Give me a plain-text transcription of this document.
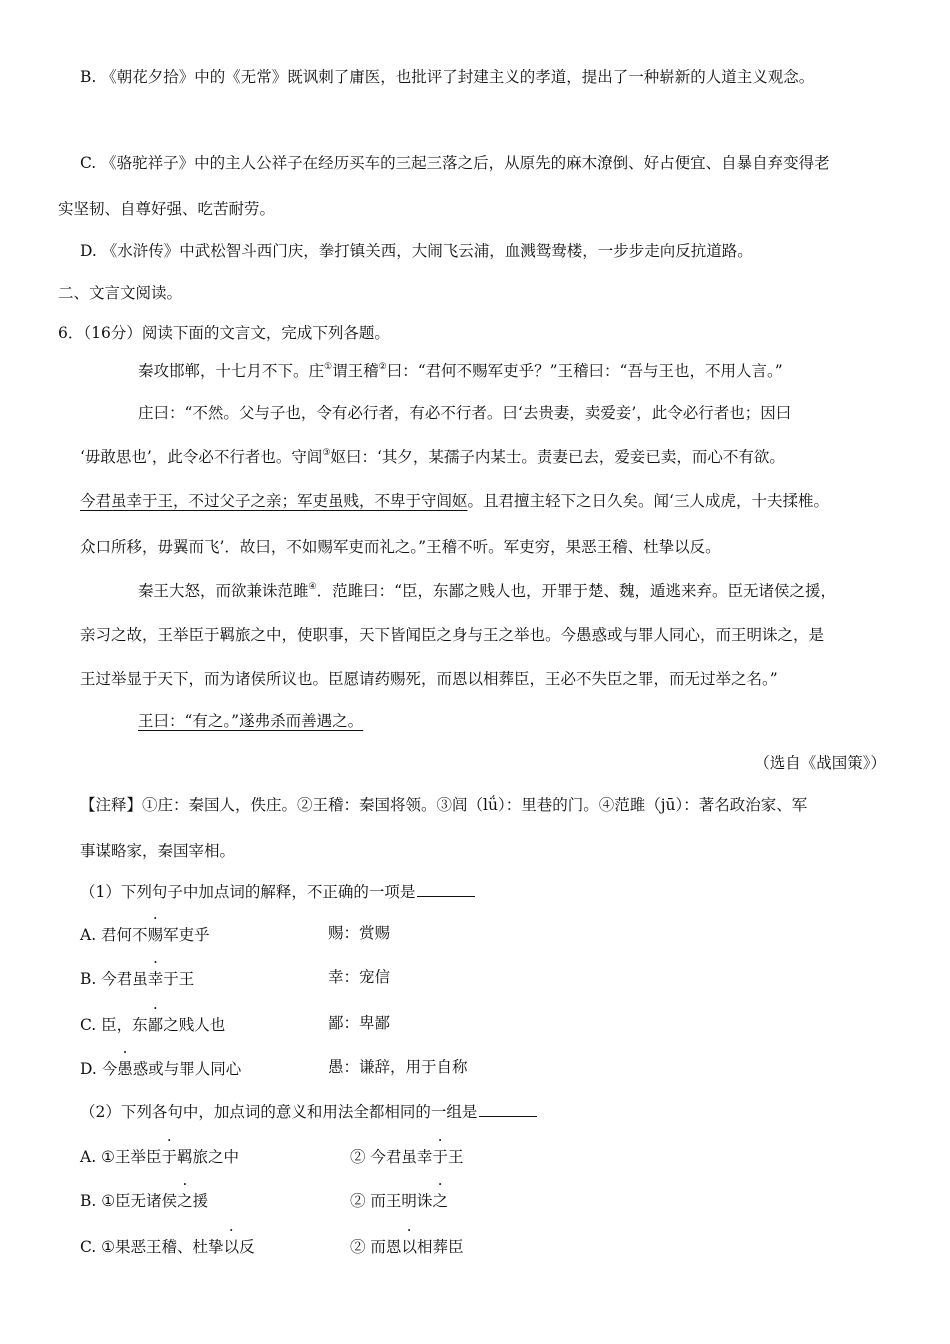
B. 《朝花夕拾》中的《无常》既讽刺了庸医，也批评了封建主义的孝道，提出了一种崭新的人道主义观念。
C. 《骆驼祥子》中的主人公祥子在经历买车的三起三落之后，从原先的麻木潦倒、好占便宜、自暴自弃变得老
实坚韧、自尊好强、吃苦耐劳。
D. 《水浒传》中武松智斗西门庆，拳打镇关西，大闹飞云浦，血溅鸳鸯楼，一步步走向反抗道路。
二、文言文阅读。
6．（16分）阅读下面的文言文，完成下列各题。
秦攻邯郸，十七月不下。庄①谓王稽②曰：“君何不赐军吏乎？”王稽曰：“吾与王也，不用人言。”
庄曰：“不然。父与子也，令有必行者，有必不行者。曰‘去贵妻，卖爱妾’，此令必行者也；因曰
‘毋敢思也’，此令必不行者也。守闾③妪曰：‘其夕，某孺子内某士。责妻已去，爱妾已卖，而心不有欲。
今君虽幸于王，不过父子之亲；军吏虽贱，不卑于守闾妪。且君擅主轻下之日久矣。闻‘三人成虎，十夫揉椎。
众口所移，毋翼而飞’．故曰，不如赐军吏而礼之。”王稽不听。军吏穷，果恶王稽、杜挚以反。
秦王大怒，而欲兼诛范雎④．范雎曰：“臣，东鄙之贱人也，开罪于楚、魏，遁逃来弃。臣无诸侯之援，
亲习之故，王举臣于羁旅之中，使职事，天下皆闻臣之身与王之举也。今愚惑或与罪人同心，而王明诛之，是
王过举显于天下，而为诸侯所议也。臣愿请药赐死，而恩以相葬臣，王必不失臣之罪，而无过举之名。”
王曰：“有之。”遂弗杀而善遇之。
（选自《战国策》）
【注释】①庄：秦国人，佚庄。②王稽：秦国将领。③闾（lǘ）：里巷的门。④范雎（jū）：著名政治家、军
事谋略家，秦国宰相。
（1）下列句子中加点词的解释，不正确的一项是
A. 君何不赐军吏乎	赐：赏赐
B. 今君虽幸于王	幸：宠信
C. 臣，东鄙之贱人也	鄙：卑鄙
D. 今愚惑或与罪人同心	愚：谦辞，用于自称
（2）下列各句中，加点词的意义和用法全都相同的一组是
A. ①王举臣于羁旅之中	② 今君虽幸于王
B. ①臣无诸侯之援	② 而王明诛之
C. ①果恶王稽、杜挚以反	② 而恩以相葬臣
